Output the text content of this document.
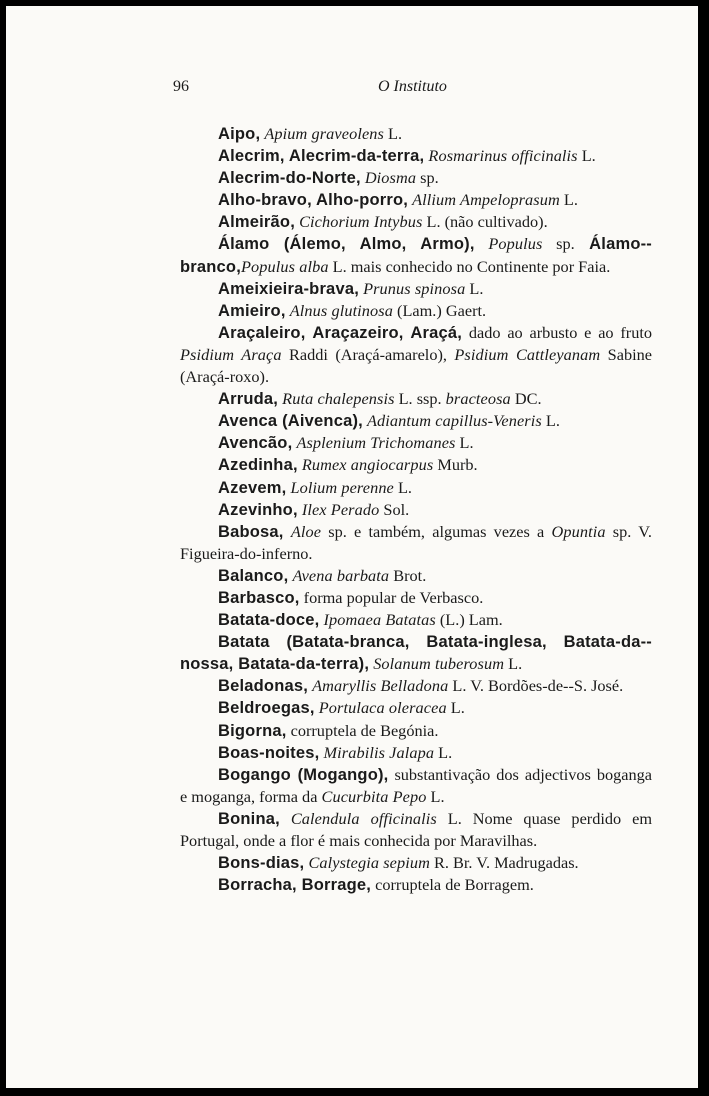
96	O Instituto

Aipo, Apium graveolens L.

Alecrim, Alecrim-da-terra, Rosmarinus officinalis L.

Alecrim-do-Norte, Diosma sp.

Alho-bravo, Alho-porro, Allium Ampeloprasum L.

Almeirão, Cichorium Intybus L. (não cultivado).

Álamo (Álemo, Almo, Armo), Populus sp. Álamo--branco,Populus alba L. mais conhecido no Continente por Faia.

Ameixieira-brava, Prunus spinosa L.

Amieiro, Alnus glutinosa (Lam.) Gaert.

Araçaleiro, Araçazeiro, Araçá, dado ao arbusto e ao fruto Psidium Araça Raddi (Araçá-amarelo), Psidium Cattleyanam Sabine (Araçá-roxo).

Arruda, Ruta chalepensis L. ssp. bracteosa DC.

Avenca (Aivenca), Adiantum capillus-Veneris L.

Avencão, Asplenium Trichomanes L.

Azedinha, Rumex angiocarpus Murb.

Azevem, Lolium perenne L.

Azevinho, Ilex Perado Sol.

Babosa, Aloe sp. e também, algumas vezes a Opuntia sp. V. Figueira-do-inferno.

Balanco, Avena barbata Brot.

Barbasco, forma popular de Verbasco.

Batata-doce, Ipomaea Batatas (L.) Lam.

Batata (Batata-branca, Batata-inglesa, Batata-da--nossa, Batata-da-terra), Solanum tuberosum L.

Beladonas, Amaryllis Belladona L. V. Bordões-de--S. José.

Beldroegas, Portulaca oleracea L.

Bigorna, corruptela de Begónia.

Boas-noites, Mirabilis Jalapa L.

Bogango (Mogango), substantivação dos adjectivos boganga e moganga, forma da Cucurbita Pepo L.

Bonina, Calendula officinalis L. Nome quase perdido em Portugal, onde a flor é mais conhecida por Maravilhas.

Bons-dias, Calystegia sepium R. Br. V. Madrugadas.

Borracha, Borrage, corruptela de Borragem.
